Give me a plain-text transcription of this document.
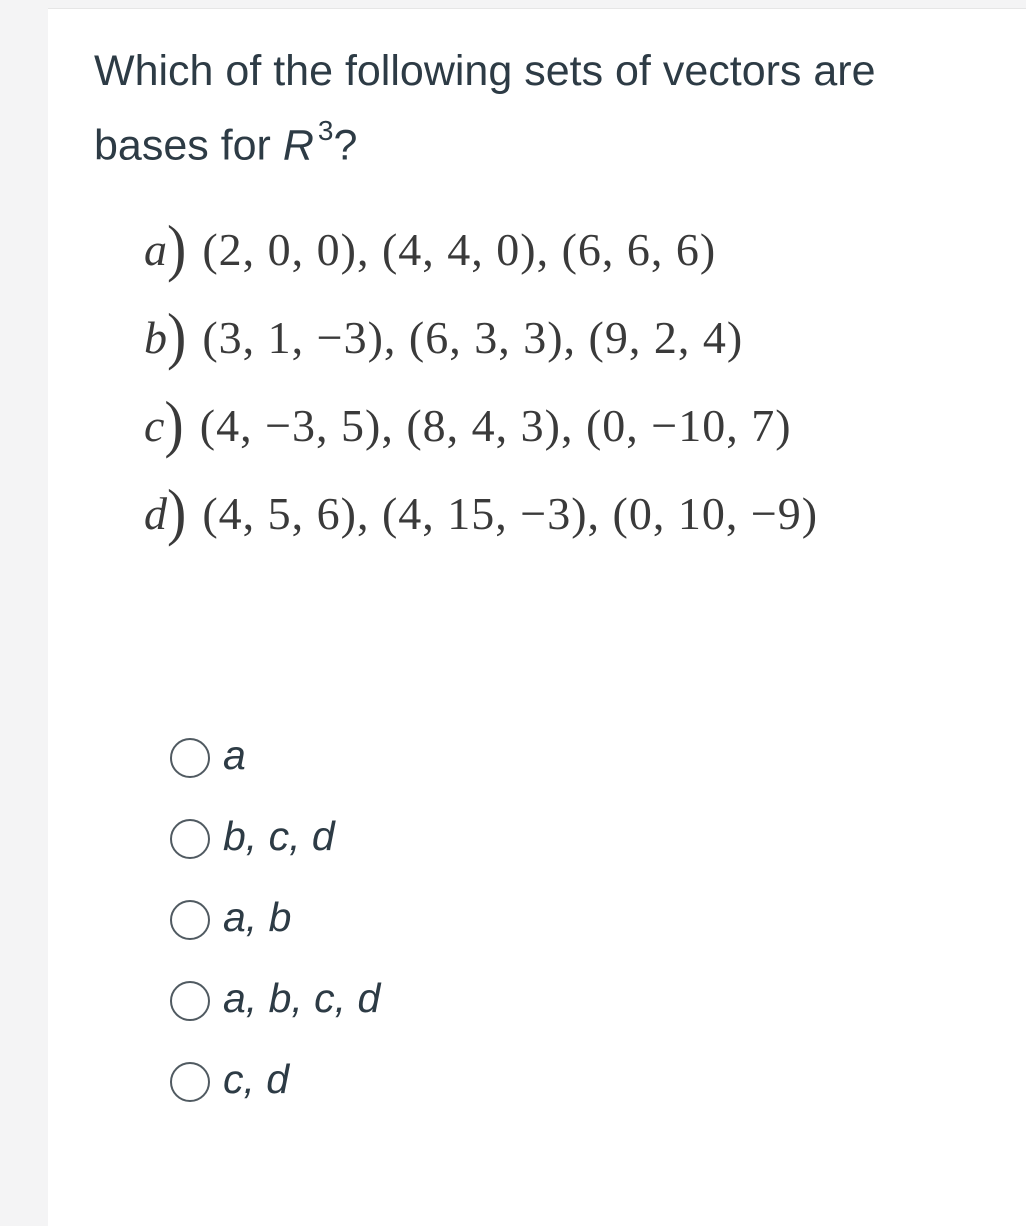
Which of the following sets of vectors are bases for R $^3$?
a ) (2, 0, 0), (4, 4, 0), (6, 6, 6)
b ) (3, 1, −3), (6, 3, 3), (9, 2, 4)
c ) (4, −3, 5), (8, 4, 3), (0, −10, 7)
d ) (4, 5, 6), (4, 15, −3), (0, 10, −9)
a
b, c, d
a, b
a, b, c, d
c, d
